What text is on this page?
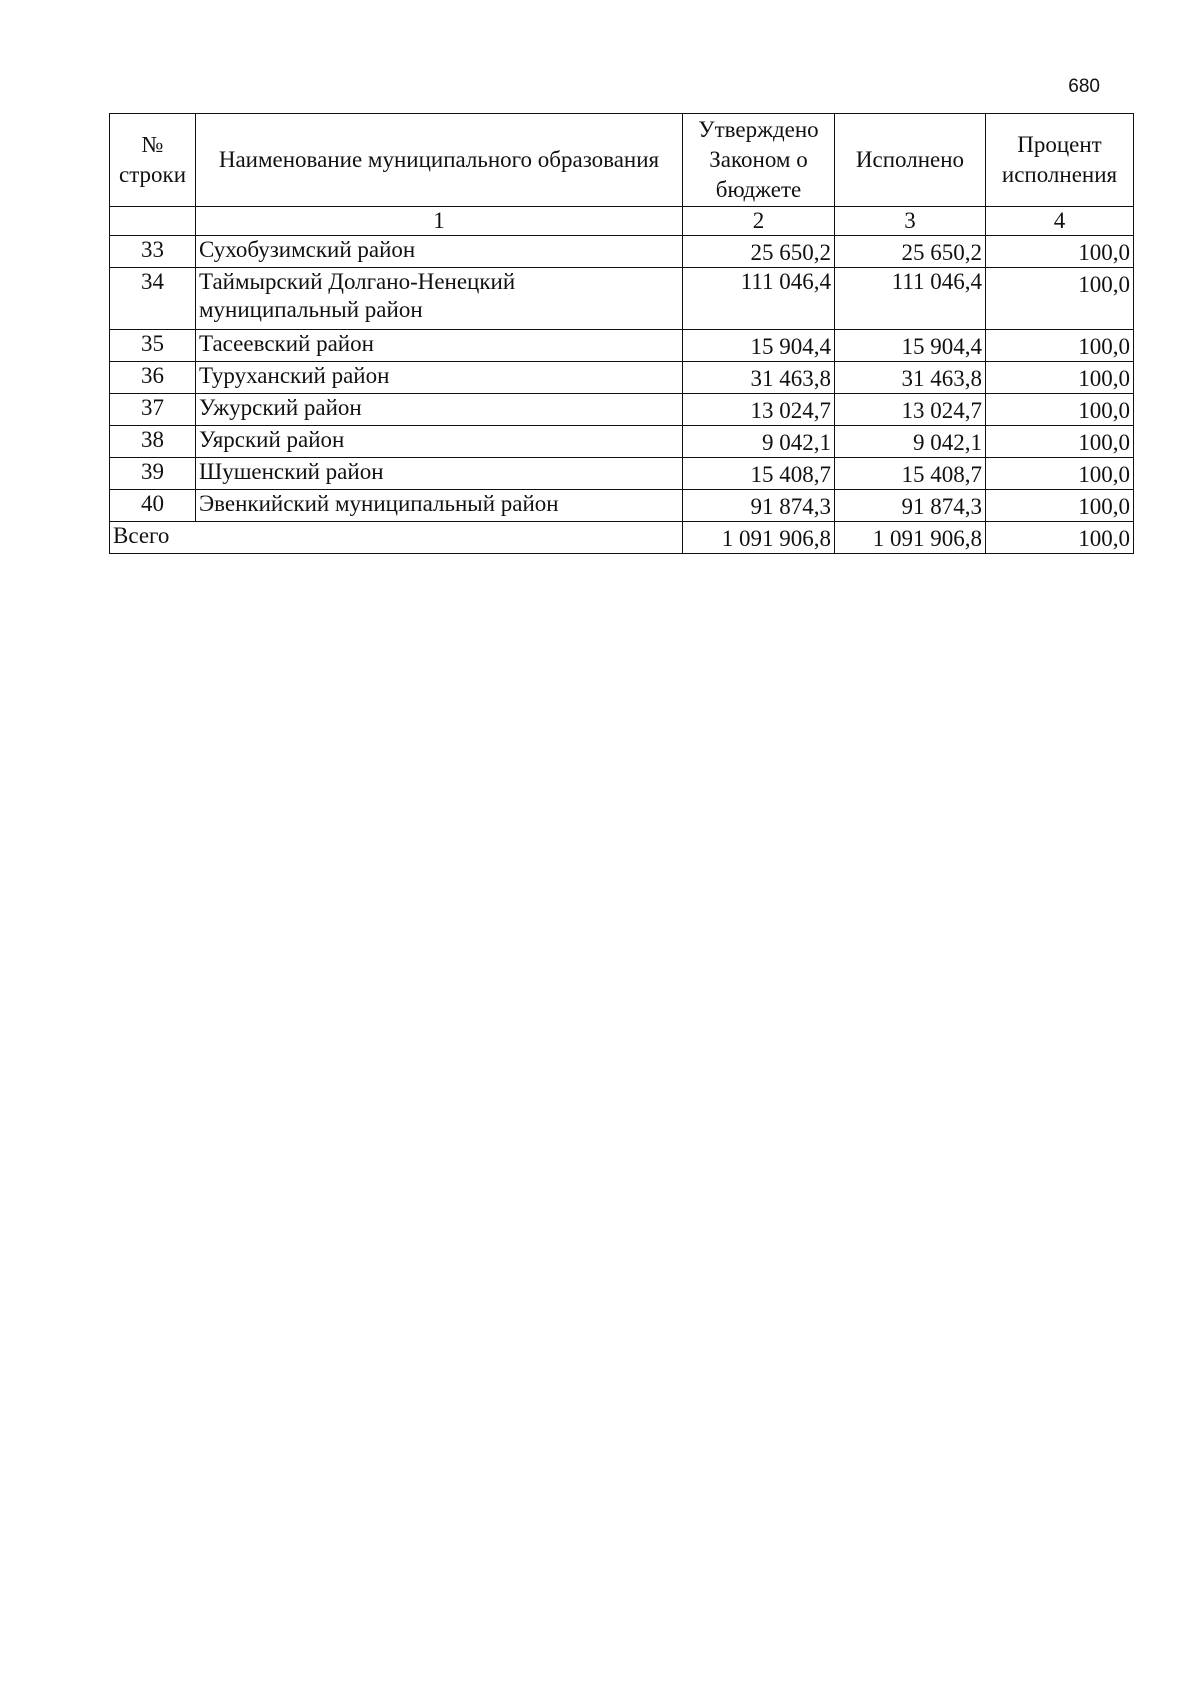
680
№ строки	Наименование муниципального образования	Утверждено Законом о бюджете	Исполнено	Процент исполнения
	1	2	3	4
33	Сухобузимский район	25 650,2	25 650,2	100,0
34	Таймырский Долгано-Ненецкий муниципальный район	111 046,4	111 046,4	100,0
35	Тасеевский район	15 904,4	15 904,4	100,0
36	Туруханский район	31 463,8	31 463,8	100,0
37	Ужурский район	13 024,7	13 024,7	100,0
38	Уярский район	9 042,1	9 042,1	100,0
39	Шушенский район	15 408,7	15 408,7	100,0
40	Эвенкийский муниципальный район	91 874,3	91 874,3	100,0
Всего		1 091 906,8	1 091 906,8	100,0
